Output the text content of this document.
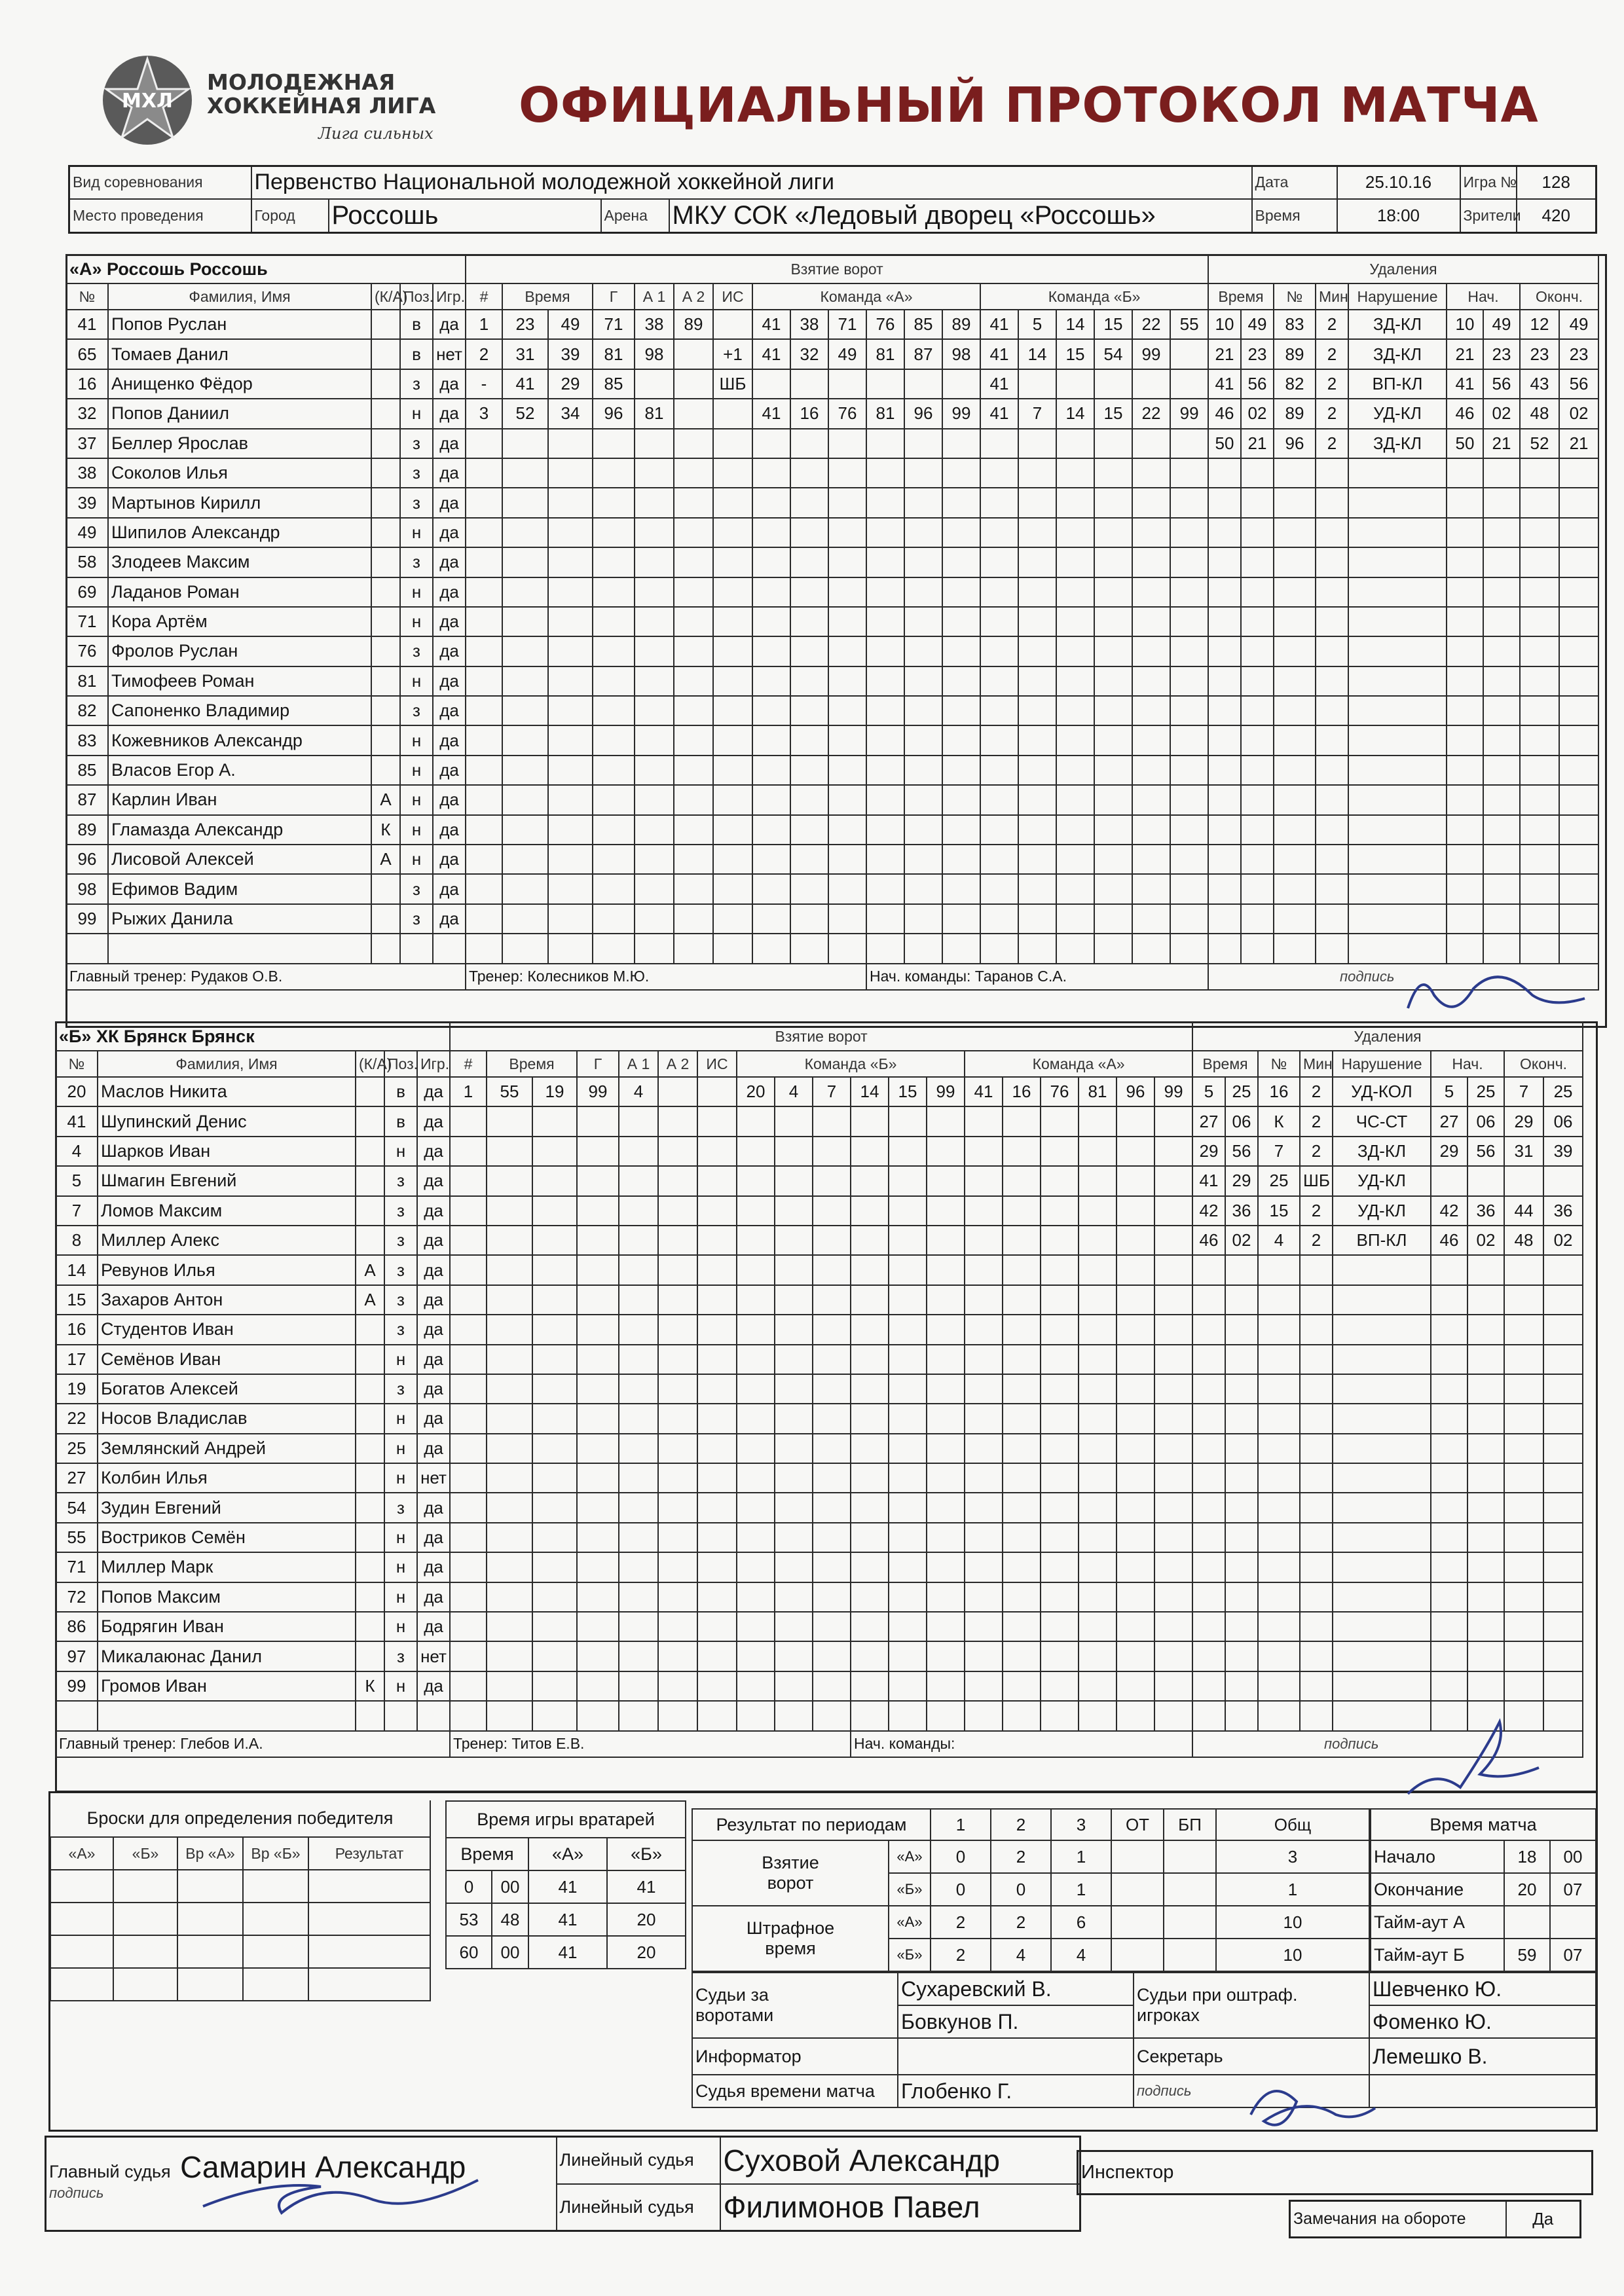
МХЛ
МОЛОДЕЖНАЯ
ХОККЕЙНАЯ ЛИГА
Лига сильных ОФИЦИАЛЬНЫЙ ПРОТОКОЛ МАТЧА
Вид соревнования	Первенство Национальной молодежной хоккейной лиги				Дата	25.10.16	Игра №	128
Место проведения	Город	Россошь	Арена	МКУ СОК «Ледовый дворец «Россошь»	Время	18:00	Зрители	420
«А» Россошь Россошь				
№	Фамилия, Имя	(К/А)	Поз.	Игр.
41	Попов Руслан		в	да
65	Томаев Данил		в	нет
16	Анищенко Фёдор		з	да
32	Попов Даниил		н	да
37	Беллер Ярослав		з	да
38	Соколов Илья		з	да
39	Мартынов Кирилл		з	да
49	Шипилов Александр		н	да
58	Злодеев Максим		з	да
69	Ладанов Роман		н	да
71	Кора Артём		н	да
76	Фролов Руслан		з	да
81	Тимофеев Роман		н	да
82	Сапоненко Владимир		з	да
83	Кожевников Александр		н	да
85	Власов Егор А.		н	да
87	Карлин Иван	А	н	да
89	Гламазда Александр	К	н	да
96	Лисовой Алексей	А	н	да
98	Ефимов Вадим		з	да
99	Рыжих Данила		з	да

Главный тренер: Рудаков О.В.				
Взятие ворот																		
#	Время		Г	А 1	А 2	ИС	Команда «А»						Команда «Б»					
1	23	49	71	38	89		41	38	71	76	85	89	41	5	14	15	22	55
2	31	39	81	98		+1	41	32	49	81	87	98	41	14	15	54	99	
-	41	29	85			ШБ							41					
3	52	34	96	81			41	16	76	81	96	99	41	7	14	15	22	99

Тренер: Колесников М.Ю.										Нач. команды: Таранов С.А.								
Удаления								
Время		№	Мин	Нарушение	Нач.		Оконч.	
10	49	83	2	ЗД-КЛ	10	49	12	49
21	23	89	2	ЗД-КЛ	21	23	23	23
41	56	82	2	ВП-КЛ	41	56	43	56
46	02	89	2	УД-КЛ	46	02	48	02
50	21	96	2	ЗД-КЛ	50	21	52	21

подпись								
«Б» ХК Брянск Брянск				
№	Фамилия, Имя	(К/А)	Поз.	Игр.
20	Маслов Никита		в	да
41	Шупинский Денис		в	да
4	Шарков Иван		н	да
5	Шмагин Евгений		з	да
7	Ломов Максим		з	да
8	Миллер Алекс		з	да
14	Ревунов Илья	А	з	да
15	Захаров Антон	А	з	да
16	Студентов Иван		з	да
17	Семёнов Иван		н	да
19	Богатов Алексей		з	да
22	Носов Владислав		н	да
25	Землянский Андрей		н	да
27	Колбин Илья		н	нет
54	Зудин Евгений		з	да
55	Востриков Семён		н	да
71	Миллер Марк		н	да
72	Попов Максим		н	да
86	Бодрягин Иван		н	да
97	Микалаюнас Данил		з	нет
99	Громов Иван	К	н	да

Главный тренер: Глебов И.А.				
Взятие ворот																		
#	Время		Г	А 1	А 2	ИС	Команда «Б»						Команда «А»					
1	55	19	99	4			20	4	7	14	15	99	41	16	76	81	96	99

Тренер: Титов Е.В.										Нач. команды:								
Удаления								
Время		№	Мин	Нарушение	Нач.		Оконч.	
5	25	16	2	УД-КОЛ	5	25	7	25
27	06	К	2	ЧС-СТ	27	06	29	06
29	56	7	2	ЗД-КЛ	29	56	31	39
41	29	25	ШБ	УД-КЛ				
42	36	15	2	УД-КЛ	42	36	44	36
46	02	4	2	ВП-КЛ	46	02	48	02

подпись								
Броски для определения победителя				
«А»	«Б»	Вр «А»	Вр «Б»	Результат

Время игры вратарей			
Время		«А»	«Б»
0	00	41	41
53	48	41	20
60	00	41	20
Результат по периодам		1	2	3	ОТ	БП	Общ
Взятие ворот	«А»	0	2	1			3
	«Б»	0	0	1			1
Штрафное время	«А»	2	2	6			10
	«Б»	2	4	4			10
Время матча		
Начало	18	00
Окончание	20	07
Тайм-аут А		
Тайм-аут Б	59	07
Судьи за воротами	Сухаревский В.	Судьи при оштраф. игроках	Шевченко Ю.
	Бовкунов П.		Фоменко Ю.
Информатор		Секретарь	Лемешко В.
Судья времени матча	Глобенко Г.	подпись	
Главный судья Самарин Александр
подпись	Линейный судья	Суховой Александр
	Линейный судья	Филимонов Павел
Инспектор
Замечания на обороте	Да
